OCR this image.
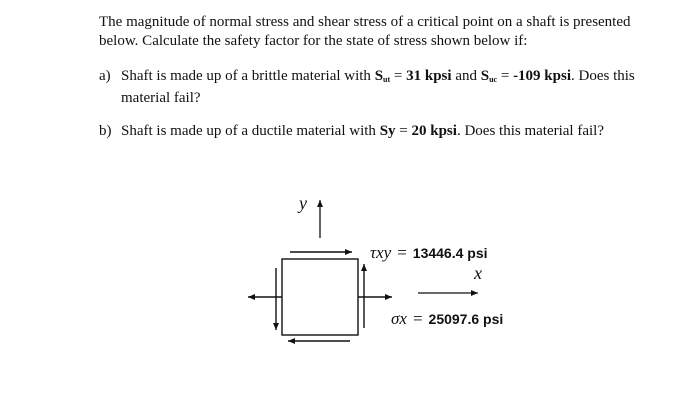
The magnitude of normal stress and shear stress of a critical point on a shaft is presented below. Calculate the safety factor for the state of stress shown below if:

a) Shaft is made up of a brittle material with $S_{ut} = 31$ kpsi and $S_{uc} = -109$ kpsi. Does this material fail?
b) Shaft is made up of a ductile material with Sy = 20 kpsi. Does this material fail?
y
x
τxy = 13446.4 psi
σx = 25097.6 psi
